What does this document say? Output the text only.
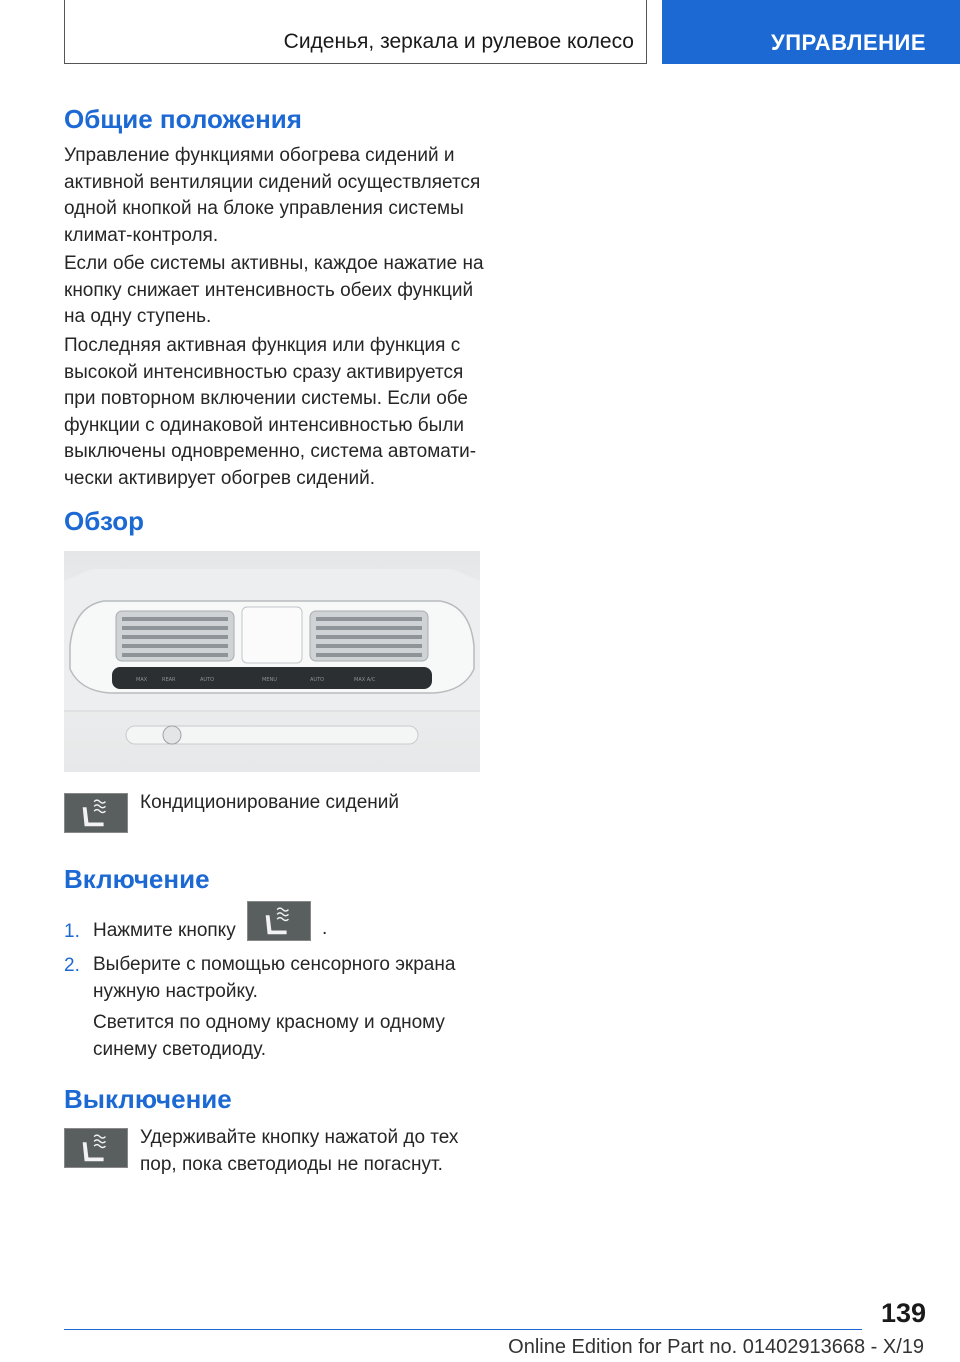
Сиденья, зеркала и рулевое колесо	УПРАВЛЕНИЕ
Общие положения
Управление функциями обогрева сидений и активной вентиляции сидений осуществляется одной кнопкой на блоке управления системы климат-контроля.
Если обе системы активны, каждое нажатие на кнопку снижает интенсивность обеих функций на одну ступень.
Последняя активная функция или функция с высокой интенсивностью сразу активируется при повторном включении системы. Если обе функции с одинаковой интенсивностью были выключены одновременно, система автоматически активирует обогрев сидений.
Обзор
MAX	REAR	AUTO	MENU	AUTO	MAX A/C
Кондиционирование сидений
Включение
1. Нажмите кнопку	.
2. Выберите с помощью сенсорного экрана нужную настройку.
Светится по одному красному и одному синему светодиоду.
Выключение
Удерживайте кнопку нажатой до тех пор, пока светодиоды не погаснут.
139
Online Edition for Part no. 01402913668 - X/19
